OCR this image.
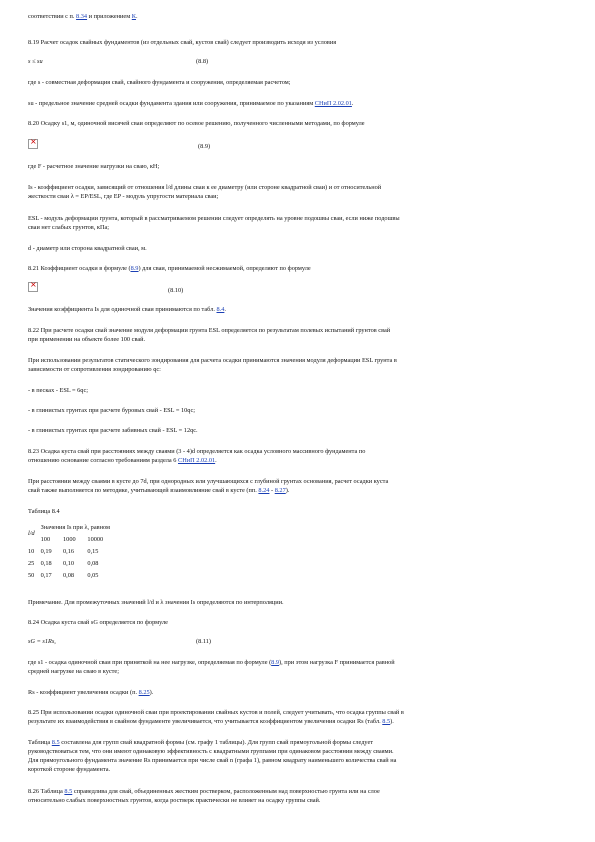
соответствии с п. 8.34 и приложением К.

8.19 Расчет осадок свайных фундаментов (из отдельных свай, кустов свай) следует производить исходя из условия

s ≤ su	(8.8)

где s - совместная деформация свай, свайного фундамента и сооружения, определяемая расчетом;

su - предельное значение средней осадки фундамента здания или сооружения, принимаемое по указаниям СНиП 2.02.01.

8.20 Осадку s1, м, одиночной висячей сваи определяют по осевое решению, полученного численными методами, по формуле

×
(8.9)

где F - расчетное значение нагрузки на сваю, кН;

Is - коэффициент осадки, зависящий от отношения l/d длины сваи к ее диаметру (или стороне квадратной сваи) и от относительной
жесткости сваи λ = EP/ESL, где EP - модуль упругости материала сваи;

ESL - модуль деформации грунта, который в рассматриваемом решении следует определять на уровне подошвы сваи, если ниже подошвы
сваи нет слабых грунтов, кПа;

d - диаметр или сторона квадратной сваи, м.

8.21 Коэффициент осадки в формуле (8.9) для сваи, принимаемой несжимаемой, определяют по формуле

×
(8.10)

Значения коэффициента Is для одиночной сваи принимаются по табл. 8.4.

8.22 При расчете осадки свай значение модуля деформации грунта ESL определяется по результатам полевых испытаний грунтов свай
при применении на объекте более 100 свай.

При использовании результатов статического зондирования для расчета осадки принимаются значения модуля деформации ESL грунта в
зависимости от сопротивления зондированию qc:

- в песках - ESL = 6qc;

- в глинистых грунтах при расчете буровых свай - ESL = 10qc;

- в глинистых грунтах при расчете забивных свай - ESL = 12qc.

8.23 Осадка куста свай при расстояниях между сваями (3 - 4)d определяется как осадка условного массивного фундамента по
отношению основание согласно требованиям раздела 6 СНиП 2.02.01.

При расстоянии между сваями в кусте до 7d, при однородных или улучшающихся с глубиной грунтах основания, расчет осадки куста
свай также выполняется по методике, учитывающей взаимовлияние свай в кусте (пп. 8.24 - 8.27).

Таблица 8.4

l/d	Значения Is при λ, равном		
	100	1000	10000
10	0,19	0,16	0,15
25	0,18	0,10	0,08
50	0,17	0,08	0,05

Примечание. Для промежуточных значений l/d и λ значения Is определяются по интерполяции.

8.24 Осадка куста свай sG определяется по формуле

sG = s1Rs,	(8.11)

где s1 - осадка одиночной сваи при приняткой на нее нагрузке, определяемая по формуле (8.9), при этом нагрузка F принимается равной
средней нагрузке на сваю в кусте;

Rs - коэффициент увеличения осадки (п. 8.25).

8.25 При использовании осадки одиночной сваи при проектировании свайных кустов и полей, следует учитывать, что осадка группы свай в
результате их взаимодействия в свайном фундаменте увеличивается, что учитывается коэффициентом увеличения осадки Rs (табл. 8.5).

Таблица 8.5 составлена для групп свай квадратной формы (см. графу 1 таблицы). Для групп свай прямоугольной формы следует
руководствоваться тем, что они имеют одинаковую эффективность с квадратными группами при одинаковом расстоянии между сваями.
Для прямоугольного фундамента значение Rs принимается при числе свай n (графа 1), равном квадрату наименьшего количества свай на
короткой стороне фундамента.

8.26 Таблица 8.5 справедлива для свай, объединенных жестким ростверком, расположенным над поверхностью грунта или на слое
относительно слабых поверхностных грунтов, когда ростверк практически не влияет на осадку группы свай.
